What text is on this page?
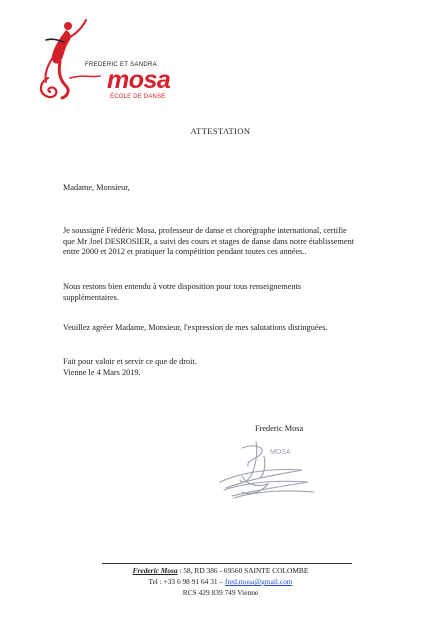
FREDERIC ET SANDRA
mosa
ÉCOLE DE DANSE
ATTESTATION
Madame, Monsieur,
Je soussigné Frédéric Mosa, professeur de danse et chorégraphe international, certifie
que Mr Joel DESROSIER, a suivi des cours et stages de danse dans notre établissement
entre 2000 et 2012 et pratiquer la compétition pendant toutes ces années..
Nous restons bien entendu à votre disposition pour tous renseignements
supplémentaires.
Veuillez agréer Madame, Monsieur, l'expression de mes salutations distinguées.
Fait pour valoir et servir ce que de droit.
Vienne le 4 Mars 2019.
Frederic Mosa
MOSA
Frederic Mosa : 58, RD 386 - 69560 SAINTE COLOMBE
Tel : +33 6 98 91 64 31 – fred.mosa@gmail.com
RCS 429 839 749 Vienne
